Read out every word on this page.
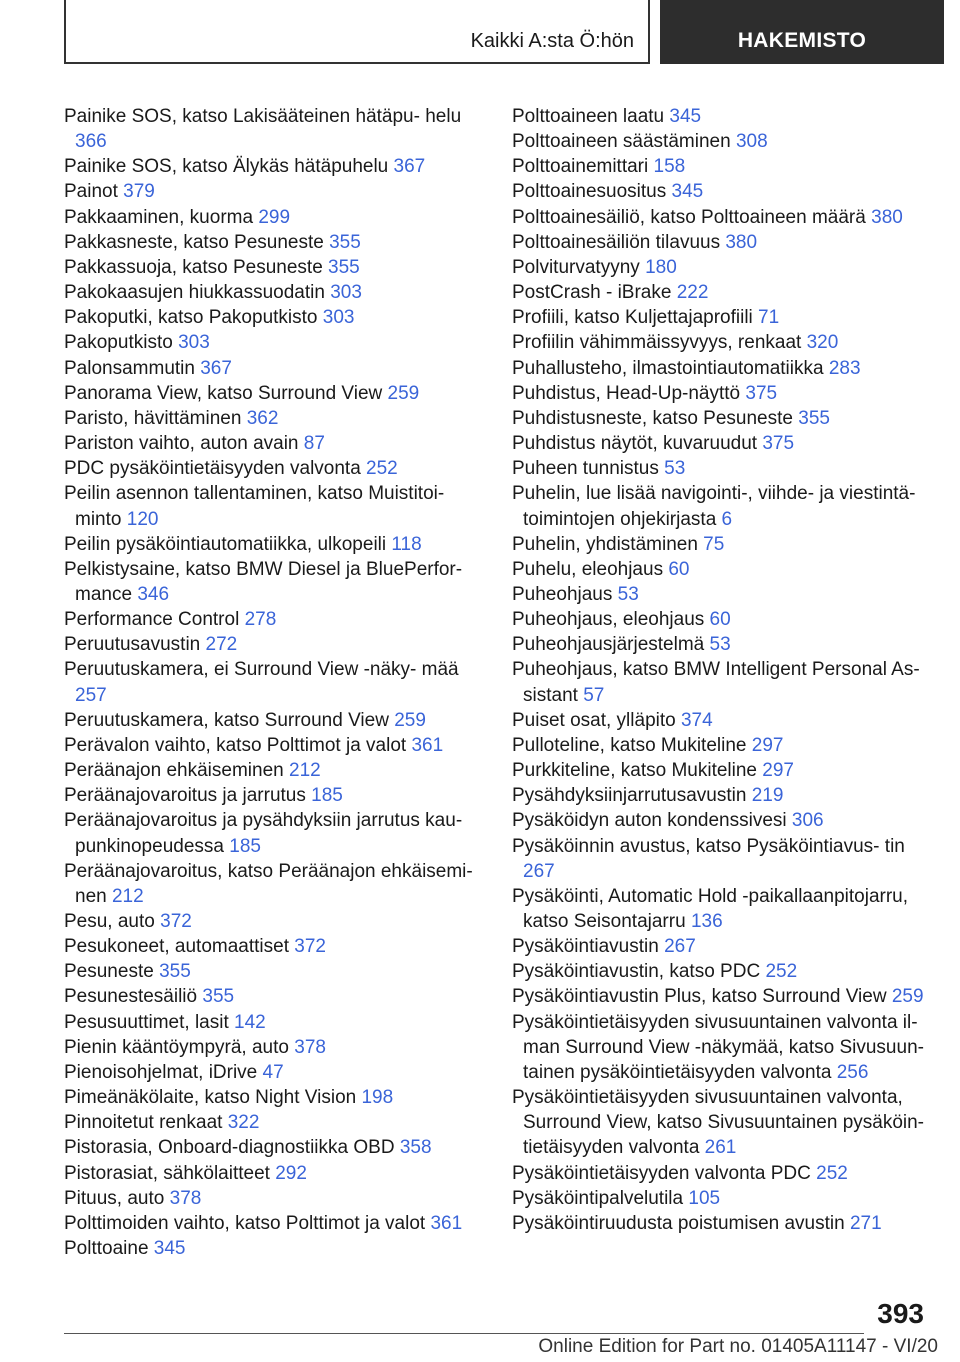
Kaikki A:sta Ö:hön	HAKEMISTO
Painike SOS, katso Lakisääteinen hätäpu‐ helu 366
Painike SOS, katso Älykäs hätäpuhelu 367
Painot 379
Pakkaaminen, kuorma 299
Pakkasneste, katso Pesuneste 355
Pakkassuoja, katso Pesuneste 355
Pakokaasujen hiukkassuodatin 303
Pakoputki, katso Pakoputkisto 303
Pakoputkisto 303
Palonsammutin 367
Panorama View, katso Surround View 259
Paristo, hävittäminen 362
Pariston vaihto, auton avain 87
PDC pysäköintietäisyyden valvonta 252
Peilin asennon tallentaminen, katso Muistitoi‐ minto 120
Peilin pysäköintiautomatiikka, ulkopeili 118
Pelkistysaine, katso BMW Diesel ja BluePerfor‐ mance 346
Performance Control 278
Peruutusavustin 272
Peruutuskamera, ei Surround View -näky‐ mää 257
Peruutuskamera, katso Surround View 259
Perävalon vaihto, katso Polttimot ja valot 361
Peräänajon ehkäiseminen 212
Peräänajovaroitus ja jarrutus 185
Peräänajovaroitus ja pysähdyksiin jarrutus kau‐ punkinopeudessa 185
Peräänajovaroitus, katso Peräänajon ehkäisemi‐ nen 212
Pesu, auto 372
Pesukoneet, automaattiset 372
Pesuneste 355
Pesunestesäiliö 355
Pesusuuttimet, lasit 142
Pienin kääntöympyrä, auto 378
Pienoisohjelmat, iDrive 47
Pimeänäkölaite, katso Night Vision 198
Pinnoitetut renkaat 322
Pistorasia, Onboard-diagnostiikka OBD 358
Pistorasiat, sähkölaitteet 292
Pituus, auto 378
Polttimoiden vaihto, katso Polttimot ja valot 361
Polttoaine 345
Polttoaineen laatu 345
Polttoaineen säästäminen 308
Polttoainemittari 158
Polttoainesuositus 345
Polttoainesäiliö, katso Polttoaineen määrä 380
Polttoainesäiliön tilavuus 380
Polviturvatyyny 180
PostCrash - iBrake 222
Profiili, katso Kuljettajaprofiili 71
Profiilin vähimmäissyvyys, renkaat 320
Puhallusteho, ilmastointiautomatiikka 283
Puhdistus, Head-Up-näyttö 375
Puhdistusneste, katso Pesuneste 355
Puhdistus näytöt, kuvaruudut 375
Puheen tunnistus 53
Puhelin, lue lisää navigointi-, viihde- ja viestintä‐ toimintojen ohjekirjasta 6
Puhelin, yhdistäminen 75
Puhelu, eleohjaus 60
Puheohjaus 53
Puheohjaus, eleohjaus 60
Puheohjausjärjestelmä 53
Puheohjaus, katso BMW Intelligent Personal As‐ sistant 57
Puiset osat, ylläpito 374
Pulloteline, katso Mukiteline 297
Purkkiteline, katso Mukiteline 297
Pysähdyksiinjarrutusavustin 219
Pysäköidyn auton kondenssivesi 306
Pysäköinnin avustus, katso Pysäköintiavus‐ tin 267
Pysäköinti, Automatic Hold -paikallaanpitojarru, katso Seisontajarru 136
Pysäköintiavustin 267
Pysäköintiavustin, katso PDC 252
Pysäköintiavustin Plus, katso Surround View 259
Pysäköintietäisyyden sivusuuntainen valvonta il‐ man Surround View -näkymää, katso Sivusuun‐ tainen pysäköintietäisyyden valvonta 256
Pysäköintietäisyyden sivusuuntainen valvonta, Surround View, katso Sivusuuntainen pysäköin‐ tietäisyyden valvonta 261
Pysäköintietäisyyden valvonta PDC 252
Pysäköintipalvelutila 105
Pysäköintiruudusta poistumisen avustin 271
393
Online Edition for Part no. 01405A11147 - VI/20
